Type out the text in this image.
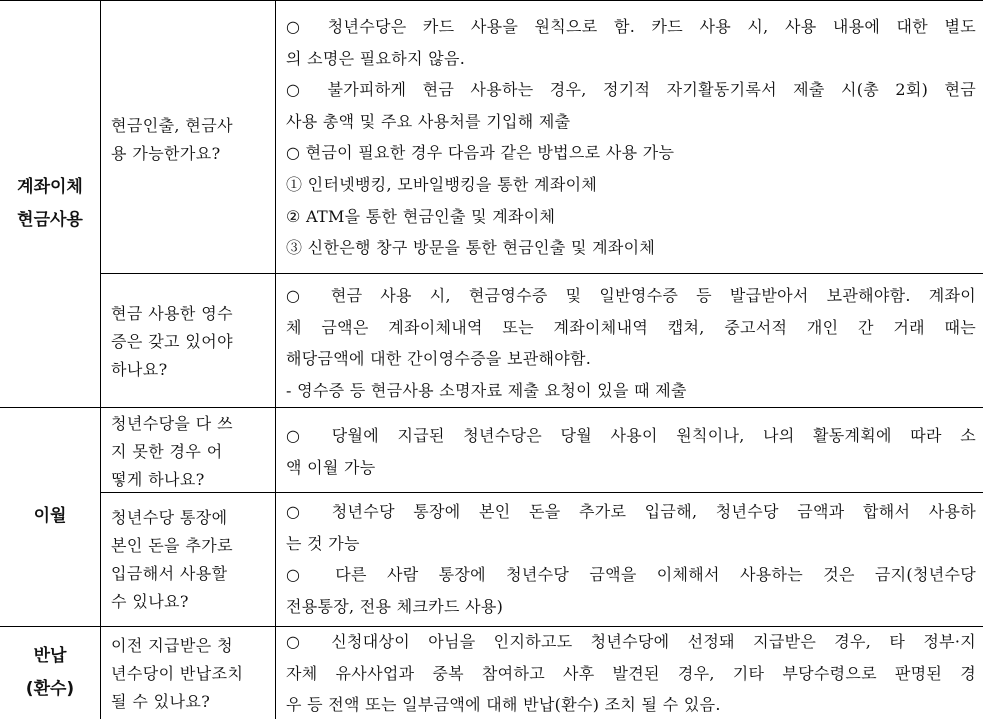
계좌이체
현금사용
현금인출, 현금사
용 가능한가요?
○ 청년수당은 카드 사용을 원칙으로 함. 카드 사용 시, 사용 내용에 대한 별도
의 소명은 필요하지 않음.
○ 불가피하게 현금 사용하는 경우, 정기적 자기활동기록서 제출 시(총 2회) 현금
사용 총액 및 주요 사용처를 기입해 제출
○ 현금이 필요한 경우 다음과 같은 방법으로 사용 가능
① 인터넷뱅킹, 모바일뱅킹을 통한 계좌이체
② ATM을 통한 현금인출 및 계좌이체
③ 신한은행 창구 방문을 통한 현금인출 및 계좌이체
현금 사용한 영수
증은 갖고 있어야
하나요?
○ 현금 사용 시, 현금영수증 및 일반영수증 등 발급받아서 보관해야함. 계좌이
체 금액은 계좌이체내역 또는 계좌이체내역 캡쳐, 중고서적 개인 간 거래 때는
해당금액에 대한 간이영수증을 보관해야함.
- 영수증 등 현금사용 소명자료 제출 요청이 있을 때 제출
이월
청년수당을 다 쓰
지 못한 경우 어
떻게 하나요?
○ 당월에 지급된 청년수당은 당월 사용이 원칙이나, 나의 활동계획에 따라 소
액 이월 가능
청년수당 통장에
본인 돈을 추가로
입금해서 사용할
수 있나요?
○ 청년수당 통장에 본인 돈을 추가로 입금해, 청년수당 금액과 합해서 사용하
는 것 가능
○ 다른 사람 통장에 청년수당 금액을 이체해서 사용하는 것은 금지(청년수당
전용통장, 전용 체크카드 사용)
반납
(환수)
이전 지급받은 청
년수당이 반납조치
될 수 있나요?
○ 신청대상이 아님을 인지하고도 청년수당에 선정돼 지급받은 경우, 타 정부·지
자체 유사사업과 중복 참여하고 사후 발견된 경우, 기타 부당수령으로 판명된 경
우 등 전액 또는 일부금액에 대해 반납(환수) 조치 될 수 있음.
